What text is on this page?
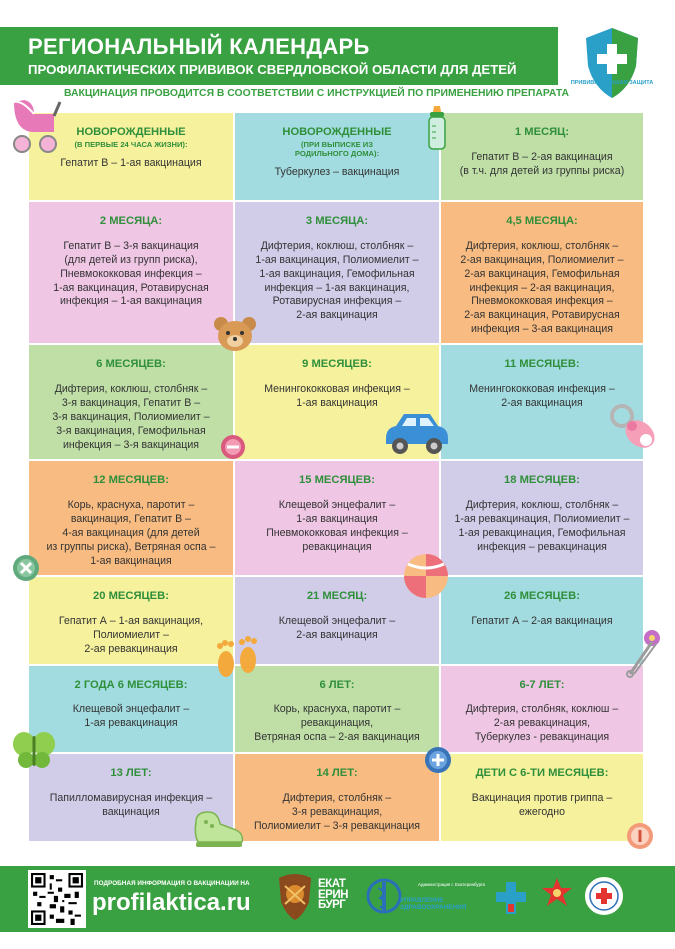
РЕГИОНАЛЬНЫЙ КАЛЕНДАРЬ
ПРОФИЛАКТИЧЕСКИХ ПРИВИВОК СВЕРДЛОВСКОЙ ОБЛАСТИ ДЛЯ ДЕТЕЙ
ВАКЦИНАЦИЯ ПРОВОДИТСЯ В СООТВЕТСТВИИ С ИНСТРУКЦИЕЙ ПО ПРИМЕНЕНИЮ ПРЕПАРАТА
ПРИВИВКА ЛУЧШАЯ ЗАЩИТА
НОВОРОЖДЕННЫЕ
(В ПЕРВЫЕ 24 ЧАСА ЖИЗНИ):
Гепатит В – 1-ая вакцинация
НОВОРОЖДЕННЫЕ
(ПРИ ВЫПИСКЕ ИЗ
РОДИЛЬНОГО ДОМА):
Туберкулез – вакцинация
1 МЕСЯЦ:
Гепатит В – 2-ая вакцинация
(в т.ч. для детей из группы риска)
2 МЕСЯЦА:
Гепатит В – 3-я вакцинация
(для детей из групп риска),
Пневмококковая инфекция –
1-ая вакцинация, Ротавирусная
инфекция – 1-ая вакцинация
3 МЕСЯЦА:
Дифтерия, коклюш, столбняк –
1-ая вакцинация, Полиомиелит –
1-ая вакцинация, Гемофильная
инфекция – 1-ая вакцинация,
Ротавирусная инфекция –
2-ая вакцинация
4,5 МЕСЯЦА:
Дифтерия, коклюш, столбняк –
2-ая вакцинация, Полиомиелит –
2-ая вакцинация, Гемофильная
инфекция – 2-ая вакцинация,
Пневмококковая инфекция –
2-ая вакцинация, Ротавирусная
инфекция – 3-ая вакцинация
6 МЕСЯЦЕВ:
Дифтерия, коклюш, столбняк –
3-я вакцинация, Гепатит В –
3-я вакцинация, Полиомиелит –
3-я вакцинация, Гемофильная
инфекция – 3-я вакцинация
9 МЕСЯЦЕВ:
Менингококковая инфекция –
1-ая вакцинация
11 МЕСЯЦЕВ:
Менингококковая инфекция –
2-ая вакцинация
12 МЕСЯЦЕВ:
Корь, краснуха, паротит –
вакцинация, Гепатит В –
4-ая вакцинация (для детей
из группы риска), Ветряная оспа –
1-ая вакцинация
15 МЕСЯЦЕВ:
Клещевой энцефалит –
1-ая вакцинация
Пневмококковая инфекция –
ревакцинация
18 МЕСЯЦЕВ:
Дифтерия, коклюш, столбняк –
1-ая ревакцинация, Полиомиелит –
1-ая ревакцинация, Гемофильная
инфекция – ревакцинация
20 МЕСЯЦЕВ:
Гепатит А – 1-ая вакцинация,
Полиомиелит –
2-ая ревакцинация
21 МЕСЯЦ:
Клещевой энцефалит –
2-ая вакцинация
26 МЕСЯЦЕВ:
Гепатит А – 2-ая вакцинация
2 ГОДА 6 МЕСЯЦЕВ:
Клещевой энцефалит –
1-ая ревакцинация
6 ЛЕТ:
Корь, краснуха, паротит –
ревакцинация,
Ветряная оспа – 2-ая вакцинация
6-7 ЛЕТ:
Дифтерия, столбняк, коклюш –
2-ая ревакцинация,
Туберкулез - ревакцинация
13 ЛЕТ:
Папилломавирусная инфекция –
вакцинация
14 ЛЕТ:
Дифтерия, столбняк –
3-я ревакцинация,
Полиомиелит – 3-я ревакцинация
ДЕТИ С 6-ТИ МЕСЯЦЕВ:
Вакцинация против гриппа –
ежегодно
ПОДРОБНАЯ ИНФОРМАЦИЯ О ВАКЦИНАЦИИ НА
profilaktica.ru
ЕКАТ
ЕРИН
БУРГ
Администрация г. Екатеринбурга
УПРАВЛЕНИЕ
ЗДРАВООХРАНЕНИЯ
